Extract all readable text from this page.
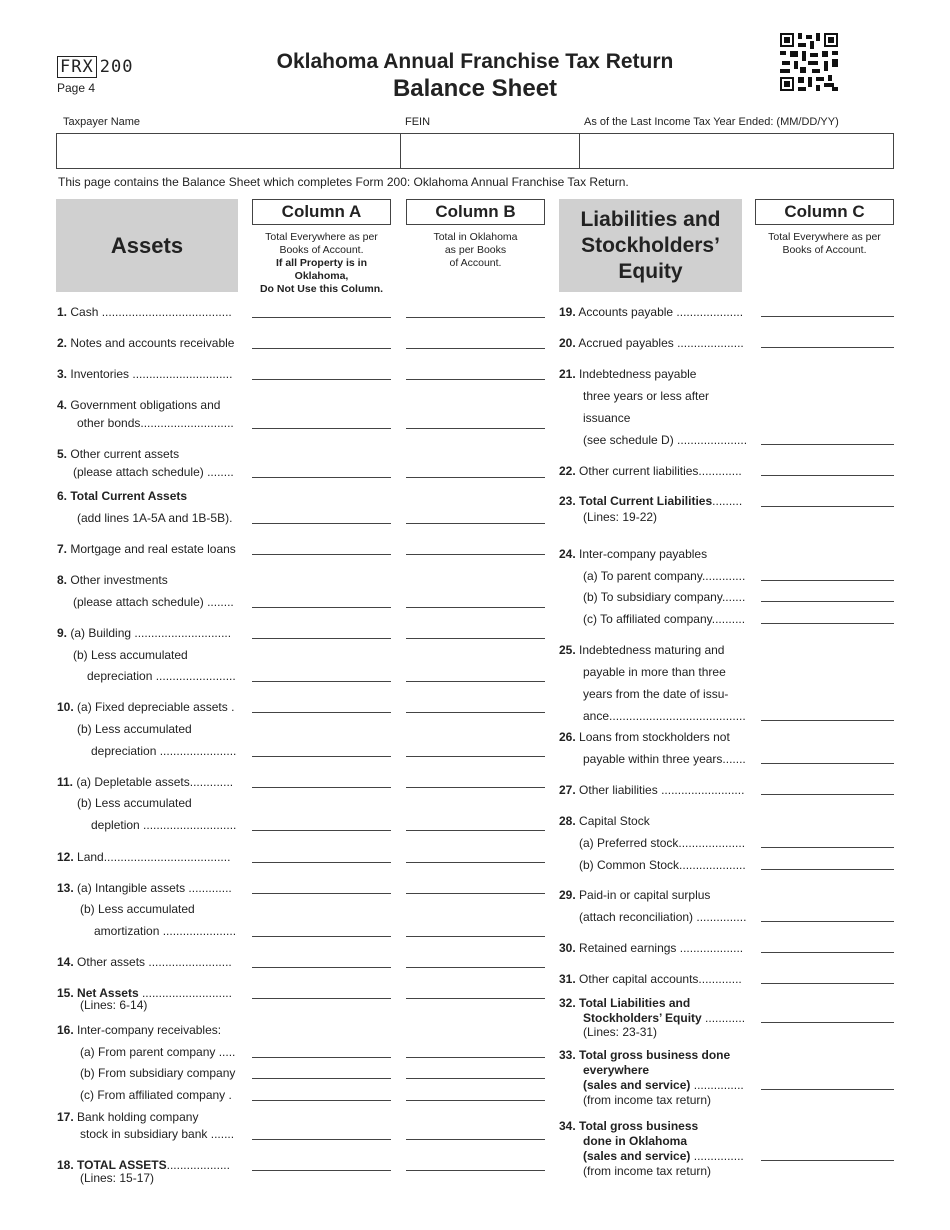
FRX 200
Page 4
Oklahoma Annual Franchise Tax Return
Balance Sheet
Taxpayer Name	FEIN	As of the Last Income Tax Year Ended: (MM/DD/YY)
This page contains the Balance Sheet which completes Form 200: Oklahoma Annual Franchise Tax Return.
Assets
Column A
Total Everywhere as per
Books of Account.
If all Property is in
Oklahoma,
Do Not Use this Column.
Column B
Total in Oklahoma
as per Books
of Account.
Liabilities and
Stockholders’
Equity
Column C
Total Everywhere as per
Books of Account.
1. Cash .......................................
2. Notes and accounts receivable
3. Inventories ..............................
4. Government obligations and
other bonds............................
5. Other current assets
(please attach schedule) ........
6. Total Current Assets
(add lines 1A-5A and 1B-5B).
7. Mortgage and real estate loans
8. Other investments
(please attach schedule) ........
9. (a) Building .............................
(b) Less accumulated
depreciation ........................
10. (a) Fixed depreciable assets .
(b) Less accumulated
depreciation .......................
11. (a) Depletable assets.............
(b) Less accumulated
depletion ............................
12. Land......................................
13. (a) Intangible assets .............
(b) Less accumulated
amortization ......................
14. Other assets .........................
15. Net Assets ...........................
(Lines: 6-14)
16. Inter-company receivables:
(a) From parent company .....
(b) From subsidiary company
(c) From affiliated company .
17. Bank holding company
stock in subsidiary bank .......
18. TOTAL ASSETS...................
(Lines: 15-17)
19. Accounts payable ....................
20. Accrued payables ....................
21. Indebtedness payable
three years or less after
issuance
(see schedule D) .....................
22. Other current liabilities.............
23. Total Current Liabilities.........
(Lines: 19-22)
24. Inter-company payables
(a) To parent company.............
(b) To subsidiary company.......
(c) To affiliated company..........
25. Indebtedness maturing and
payable in more than three
years from the date of issu-
ance.........................................
26. Loans from stockholders not
payable within three years.......
27. Other liabilities .........................
28. Capital Stock
(a) Preferred stock....................
(b) Common Stock....................
29. Paid-in or capital surplus
(attach reconciliation) ...............
30. Retained earnings ...................
31. Other capital accounts.............
32. Total Liabilities and
Stockholders’ Equity ............
(Lines: 23-31)
33. Total gross business done
everywhere
(sales and service) ...............
(from income tax return)
34. Total gross business
done in Oklahoma
(sales and service) ...............
(from income tax return)
